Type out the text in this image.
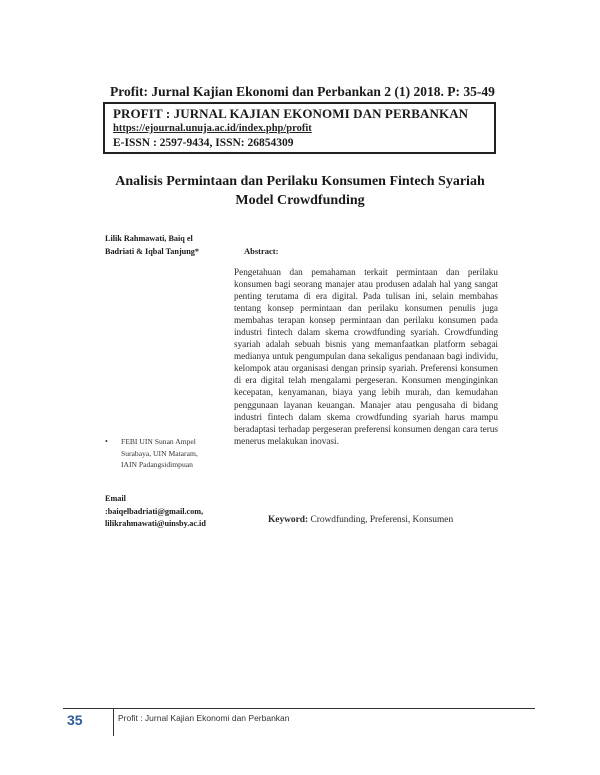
Profit: Jurnal Kajian Ekonomi dan Perbankan 2 (1) 2018. P: 35-49
PROFIT : JURNAL KAJIAN EKONOMI DAN PERBANKAN
https://ejournal.unuja.ac.id/index.php/profit
E-ISSN : 2597-9434, ISSN: 26854309
Analisis Permintaan dan Perilaku Konsumen Fintech Syariah
Model Crowdfunding
Lilik Rahmawati, Baiq el
Badriati & Iqbal Tanjung*	Abstract:
Pengetahuan dan pemahaman terkait permintaan dan perilaku konsumen bagi seorang manajer atau produsen adalah hal yang sangat penting terutama di era digital. Pada tulisan ini, selain membahas tentang konsep permintaan dan perilaku konsumen penulis juga membahas terapan konsep permintaan dan perilaku konsumen pada industri fintech dalam skema crowdfunding syariah. Crowdfunding syariah adalah sebuah bisnis yang memanfaatkan platform sebagai medianya untuk pengumpulan dana sekaligus pendanaan bagi individu, kelompok atau organisasi dengan prinsip syariah. Preferensi konsumen di era digital telah mengalami pergeseran. Konsumen menginginkan kecepatan, kenyamanan, biaya yang lebih murah, dan kemudahan penggunaan layanan keuangan. Manajer atau pengusaha di bidang industri fintech dalam skema crowdfunding syariah harus mampu beradaptasi terhadap pergeseran preferensi konsumen dengan cara terus menerus melakukan inovasi.
• FEBI UIN Sunan Ampel
Surabaya, UIN Mataram,
IAIN Padangsidimpuan
Email
:baiqelbadriati@gmail.com,
lilikrahmawati@uinsby.ac.id	Keyword: Crowdfunding, Preferensi, Konsumen
35	Profit : Jurnal Kajian Ekonomi dan Perbankan
